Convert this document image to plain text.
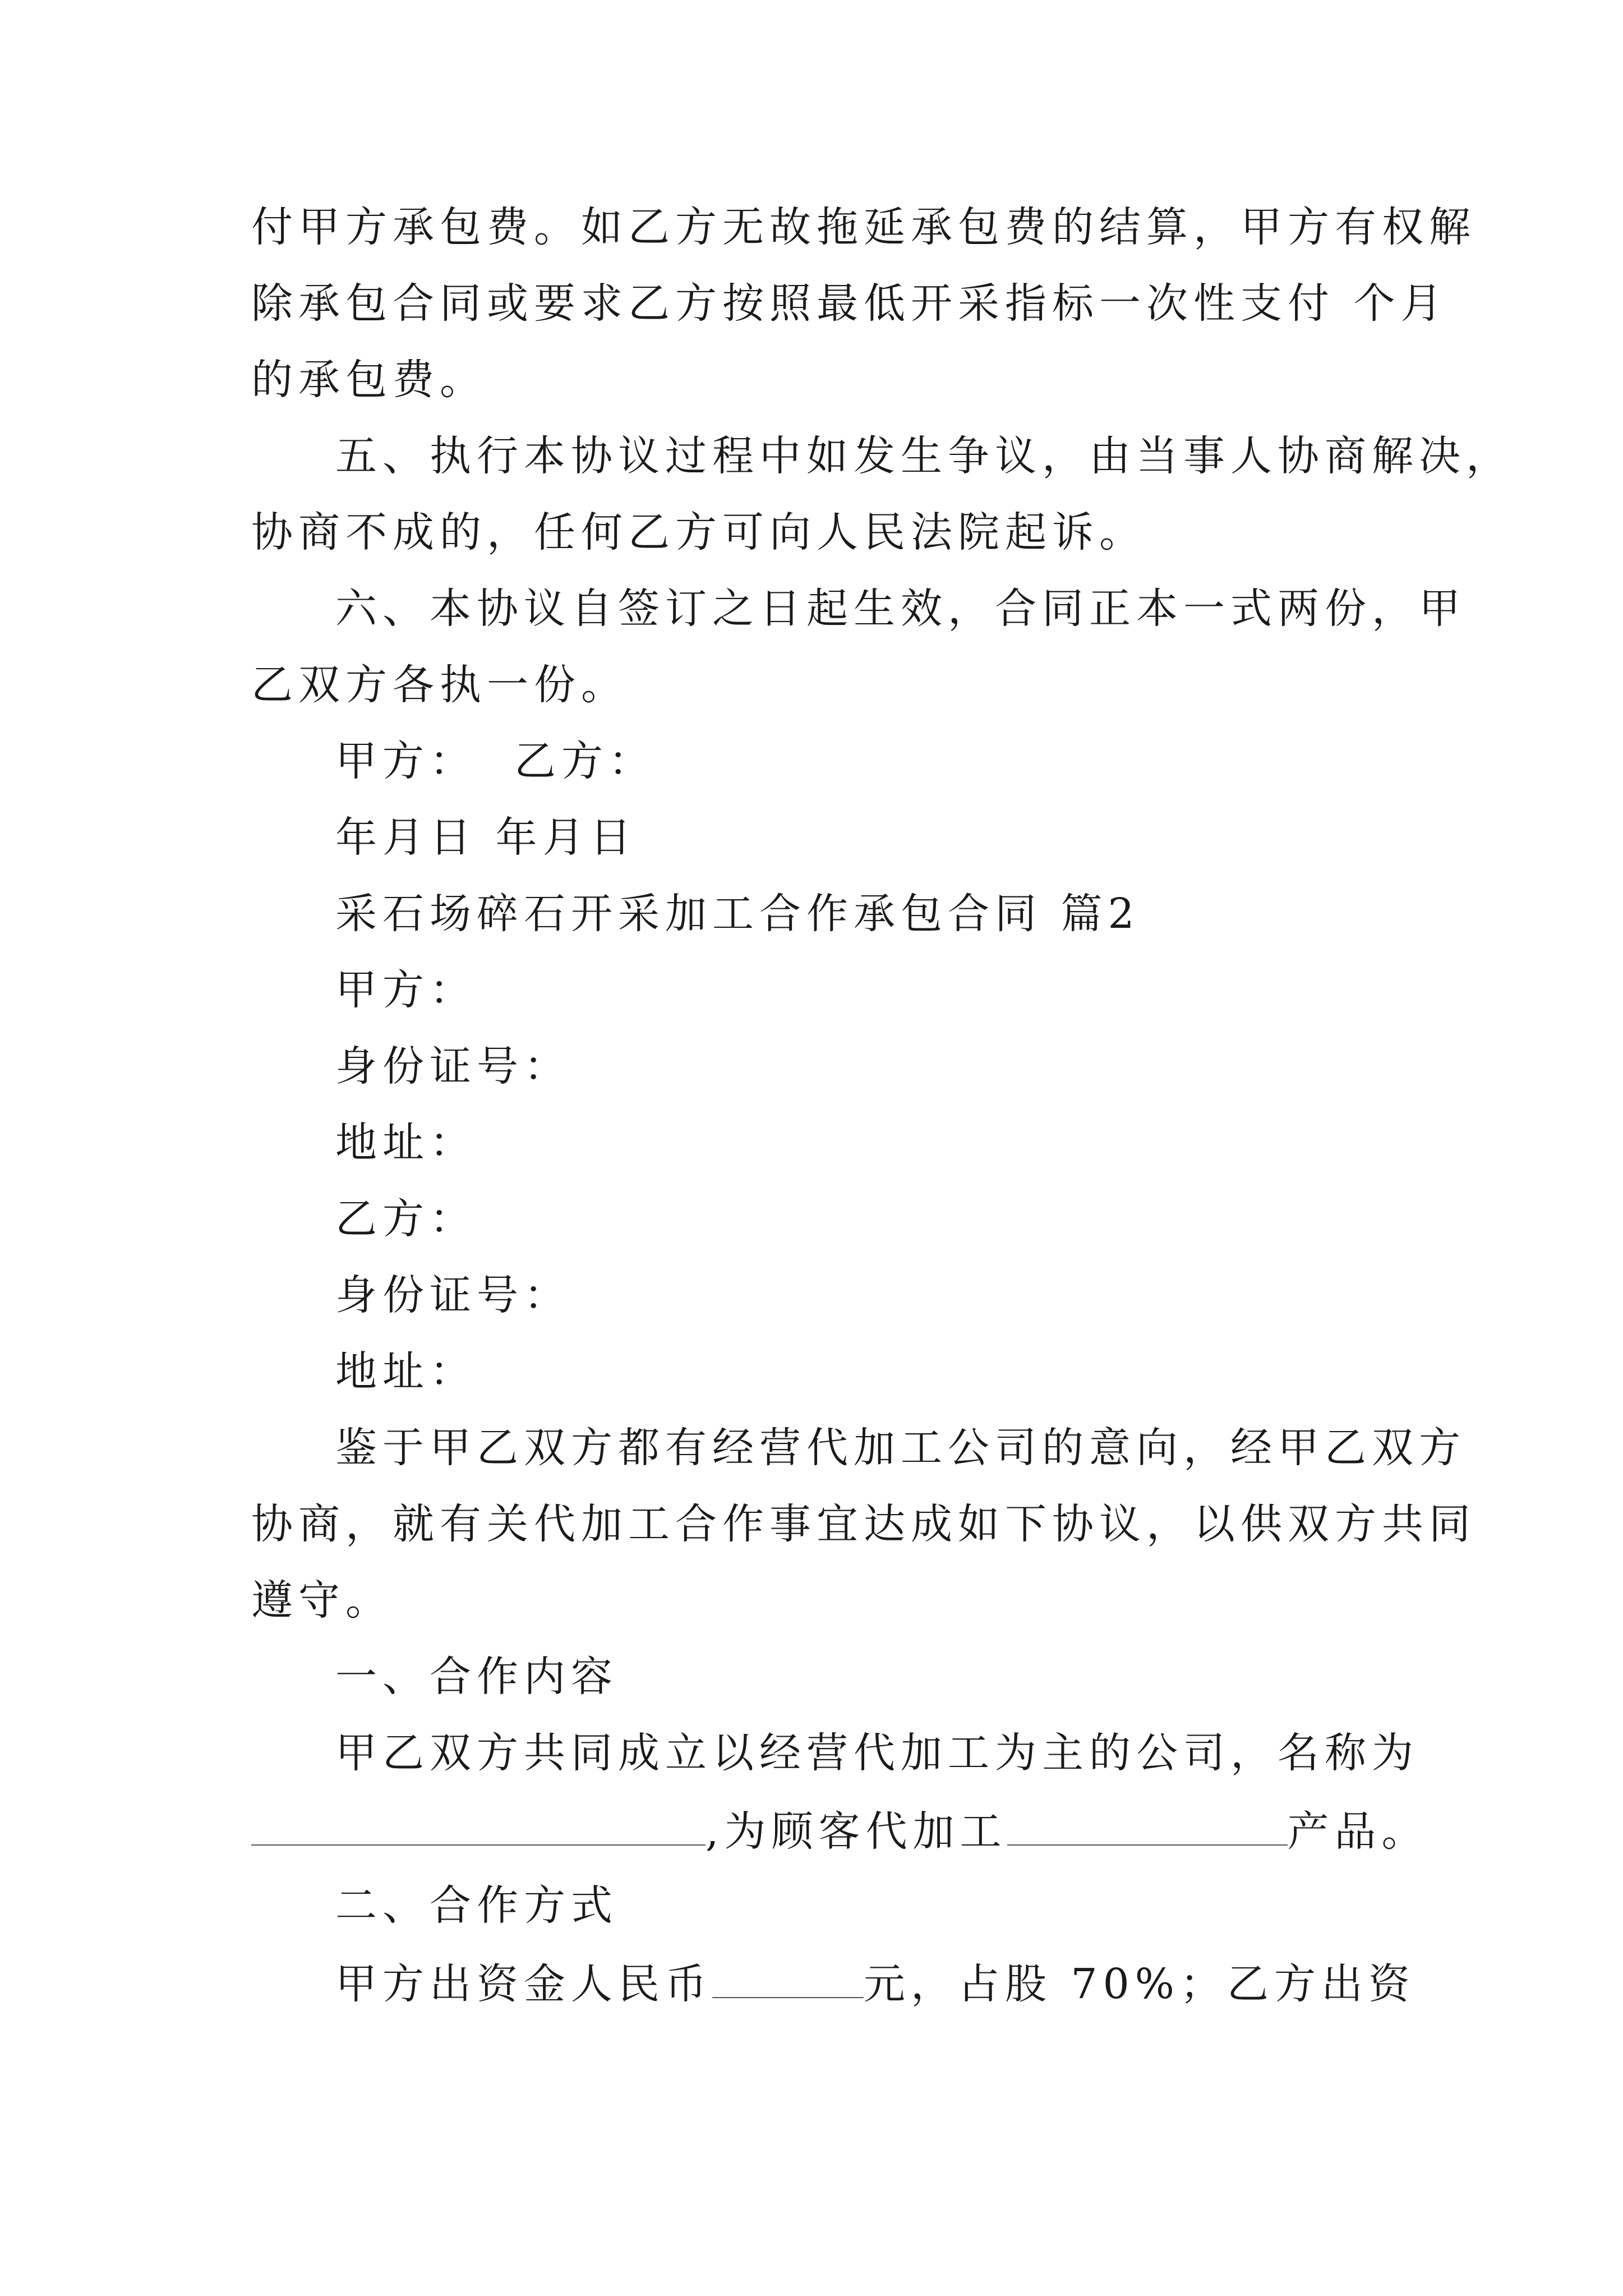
付甲方承包费。如乙方无故拖延承包费的结算，甲方有权解
除承包合同或要求乙方按照最低开采指标一次性支付 个月
的承包费。
五、执行本协议过程中如发生争议，由当事人协商解决，
协商不成的，任何乙方可向人民法院起诉。
六、本协议自签订之日起生效，合同正本一式两份，甲
乙双方各执一份。
甲方：  乙方：
年月日 年月日
采石场碎石开采加工合作承包合同 篇2
甲方：
身份证号：
地址：
乙方：
身份证号：
地址：
鉴于甲乙双方都有经营代加工公司的意向，经甲乙双方
协商，就有关代加工合作事宜达成如下协议，以供双方共同
遵守。
一、合作内容
甲乙双方共同成立以经营代加工为主的公司，名称为
,为顾客代加工	产品。
二、合作方式
甲方出资金人民币	元，占股 70%；乙方出资
